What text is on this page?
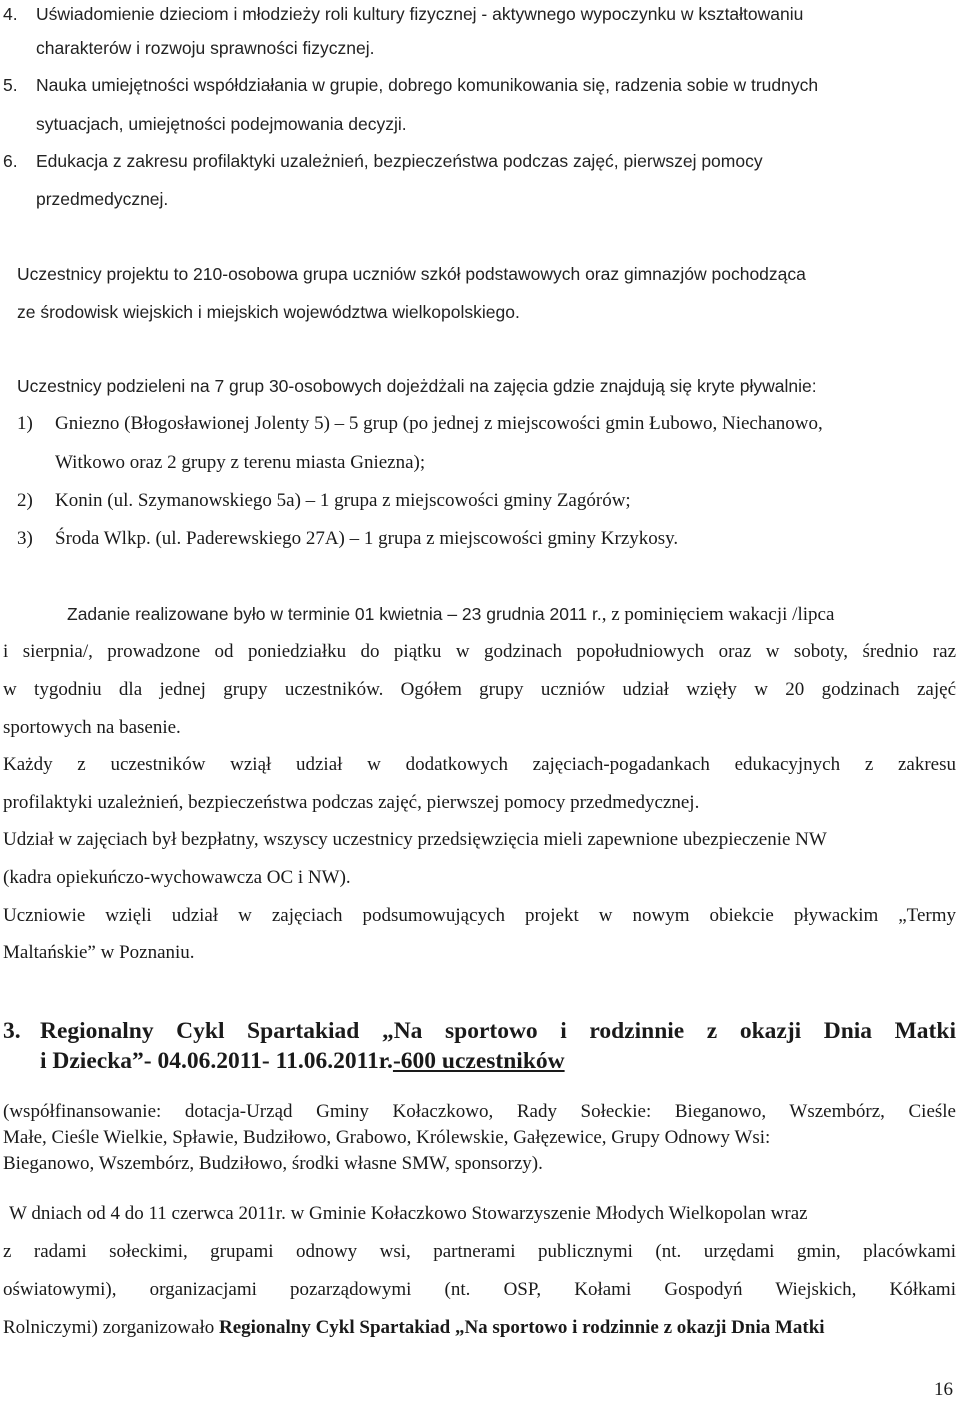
4. Uświadomienie dzieciom i młodzieży roli kultury fizycznej - aktywnego wypoczynku w kształtowaniu
charakterów i rozwoju sprawności fizycznej.
5. Nauka umiejętności współdziałania w grupie, dobrego komunikowania się, radzenia sobie w trudnych
sytuacjach, umiejętności podejmowania decyzji.
6. Edukacja z zakresu profilaktyki uzależnień, bezpieczeństwa podczas zajęć, pierwszej pomocy
przedmedycznej.
Uczestnicy projektu to 210-osobowa grupa uczniów szkół podstawowych oraz gimnazjów pochodząca
ze środowisk wiejskich i miejskich województwa wielkopolskiego.
Uczestnicy podzieleni na 7 grup 30-osobowych dojeżdżali na zajęcia gdzie znajdują się kryte pływalnie:
1) Gniezno (Błogosławionej Jolenty 5) – 5 grup (po jednej z miejscowości gmin Łubowo, Niechanowo,
Witkowo oraz 2 grupy z terenu miasta Gniezna);
2) Konin (ul. Szymanowskiego 5a) – 1 grupa z miejscowości gminy Zagórów;
3) Środa Wlkp. (ul. Paderewskiego 27A) – 1 grupa z miejscowości gminy Krzykosy.
Zadanie realizowane było w terminie 01 kwietnia – 23 grudnia 2011 r., z pominięciem wakacji /lipca
i sierpnia/, prowadzone od poniedziałku do piątku w godzinach popołudniowych oraz w soboty, średnio raz
w tygodniu dla jednej grupy uczestników. Ogółem grupy uczniów udział wzięły w 20 godzinach zajęć
sportowych na basenie.
Każdy z uczestników wziął udział w dodatkowych zajęciach-pogadankach edukacyjnych z zakresu
profilaktyki uzależnień, bezpieczeństwa podczas zajęć, pierwszej pomocy przedmedycznej.
Udział w zajęciach był bezpłatny, wszyscy uczestnicy przedsięwzięcia mieli zapewnione ubezpieczenie NW
(kadra opiekuńczo-wychowawcza OC i NW).
Uczniowie wzięli udział w zajęciach podsumowujących projekt w nowym obiekcie pływackim „Termy
Maltańskie” w Poznaniu.
3. Regionalny Cykl Spartakiad „Na sportowo i rodzinnie z okazji Dnia Matki
i Dziecka”- 04.06.2011- 11.06.2011r.-600 uczestników
(współfinansowanie: dotacja-Urząd Gminy Kołaczkowo, Rady Sołeckie: Bieganowo, Wszembórz, Cieśle
Małe, Cieśle Wielkie, Spławie, Budziłowo, Grabowo, Królewskie, Gałęzewice, Grupy Odnowy Wsi:
Bieganowo, Wszembórz, Budziłowo, środki własne SMW, sponsorzy).
W dniach od 4 do 11 czerwca 2011r. w Gminie Kołaczkowo Stowarzyszenie Młodych Wielkopolan wraz
z radami sołeckimi, grupami odnowy wsi, partnerami publicznymi (nt. urzędami gmin, placówkami
oświatowymi), organizacjami pozarządowymi (nt. OSP, Kołami Gospodyń Wiejskich, Kółkami
Rolniczymi) zorganizowało Regionalny Cykl Spartakiad „Na sportowo i rodzinnie z okazji Dnia Matki
16
